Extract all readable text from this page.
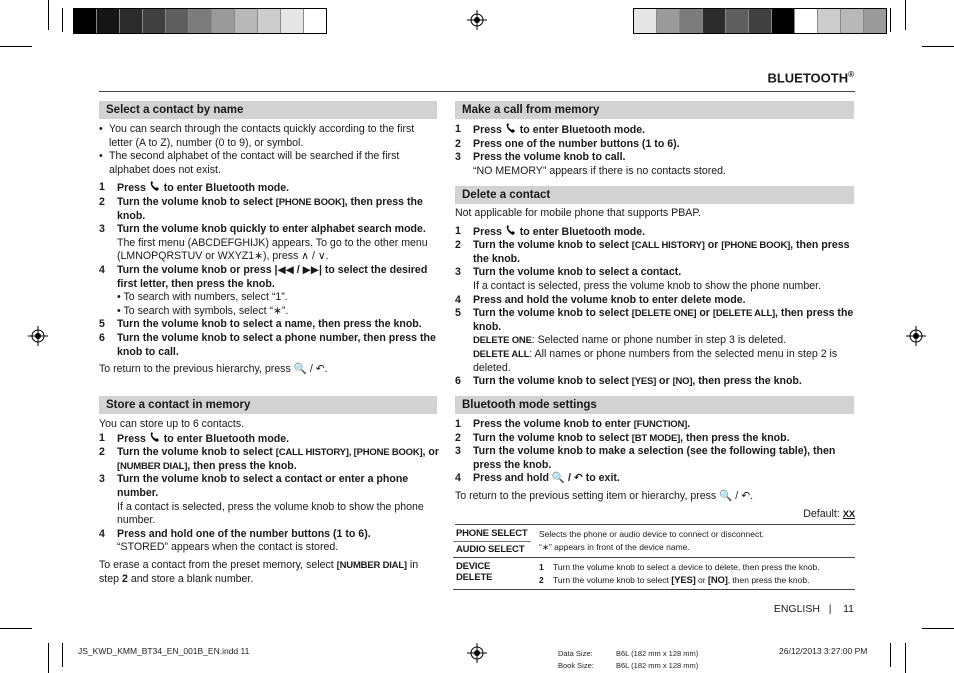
BLUETOOTH®
Select a contact by name
• You can search through the contacts quickly according to the first letter (A to Z), number (0 to 9), or symbol.
• The second alphabet of the contact will be searched if the first alphabet does not exist.
1	Press  to enter Bluetooth mode.
2	Turn the volume knob to select [PHONE BOOK], then press the knob.
3	Turn the volume knob quickly to enter alphabet search mode.

The first menu (ABCDEFGHIJK) appears. To go to the other menu (LMNOPQRSTUV or WXYZ1∗), press ∧ / ∨.

4	Turn the volume knob or press |◀◀ / ▶▶| to select the desired first letter, then press the knob.
• To search with numbers, select “1”.
• To search with symbols, select “∗”.
5	Turn the volume knob to select a name, then press the knob.
6	Turn the volume knob to select a phone number, then press the knob to call.

To return to the previous hierarchy, press 🔍 / ↶.

Store a contact in memory

You can store up to 6 contacts.

1	Press  to enter Bluetooth mode.
2	Turn the volume knob to select [CALL HISTORY], [PHONE BOOK], or [NUMBER DIAL], then press the knob.
3	Turn the volume knob to select a contact or enter a phone number.

If a contact is selected, press the volume knob to show the phone number.

4	Press and hold one of the number buttons (1 to 6).

“STORED” appears when the contact is stored.

To erase a contact from the preset memory, select [NUMBER DIAL] in step 2 and store a blank number.

Make a call from memory
1	Press  to enter Bluetooth mode.
2	Press one of the number buttons (1 to 6).
3	Press the volume knob to call.

“NO MEMORY” appears if there is no contacts stored.

Delete a contact

Not applicable for mobile phone that supports PBAP.

1	Press  to enter Bluetooth mode.
2	Turn the volume knob to select [CALL HISTORY] or [PHONE BOOK], then press the knob.
3	Turn the volume knob to select a contact.

If a contact is selected, press the volume knob to show the phone number.

4	Press and hold the volume knob to enter delete mode.
5	Turn the volume knob to select [DELETE ONE] or [DELETE ALL], then press the knob.

DELETE ONE: Selected name or phone number in step 3 is deleted.

DELETE ALL: All names or phone numbers from the selected menu in step 2 is deleted.

6	Turn the volume knob to select [YES] or [NO], then press the knob.
Bluetooth mode settings
1	Press the volume knob to enter [FUNCTION].
2	Turn the volume knob to select [BT MODE], then press the knob.
3	Turn the volume knob to make a selection (see the following table), then press the knob.
4	Press and hold 🔍 / ↶ to exit.

To return to the previous setting item or hierarchy, press 🔍 / ↶.

Default: XX

PHONE SELECT	Selects the phone or audio device to connect or disconnect.
“∗” appears in front of the device name.
AUDIO SELECT	
DEVICE DELETE	1 Turn the volume knob to select a device to delete, then press the knob.
2 Turn the volume knob to select [YES] or [NO], then press the knob.
ENGLISH | 11
JS_KWD_KMM_BT34_EN_001B_EN.indd 11	Data Size:
Book Size:
B6L (182 mm x 128 mm)
B6L (182 mm x 128 mm)
26/12/2013 3:27:00 PM
